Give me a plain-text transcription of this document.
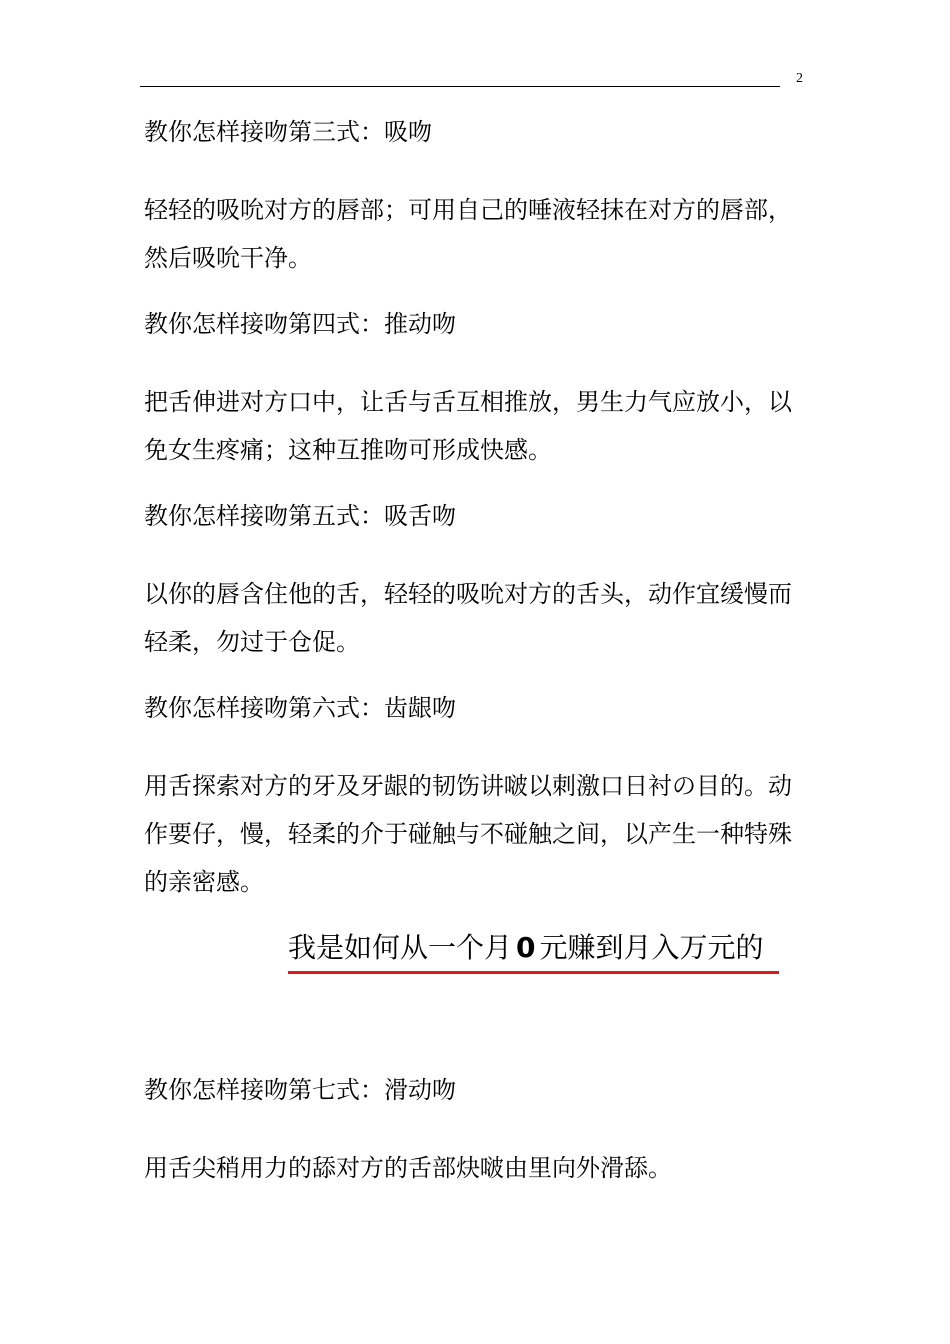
2
教你怎样接吻第三式：吸吻
轻轻的吸吮对方的唇部；可用自己的唾液轻抹在对方的唇部，然后吸吮干净。
教你怎样接吻第四式：推动吻
把舌伸进对方口中，让舌与舌互相推放，男生力气应放小，以免女生疼痛；这种互推吻可形成快感。
教你怎样接吻第五式：吸舌吻
以你的唇含住他的舌，轻轻的吸吮对方的舌头，动作宜缓慢而轻柔，勿过于仓促。
教你怎样接吻第六式：齿龈吻
用舌探索对方的牙及牙龈的韧饬讲啵以刺激口日衬の目的。动作要仔，慢，轻柔的介于碰触与不碰触之间，以产生一种特殊的亲密感。
我是如何从一个月 0 元赚到月入万元的
教你怎样接吻第七式：滑动吻
用舌尖稍用力的舔对方的舌部炔啵由里向外滑舔。
